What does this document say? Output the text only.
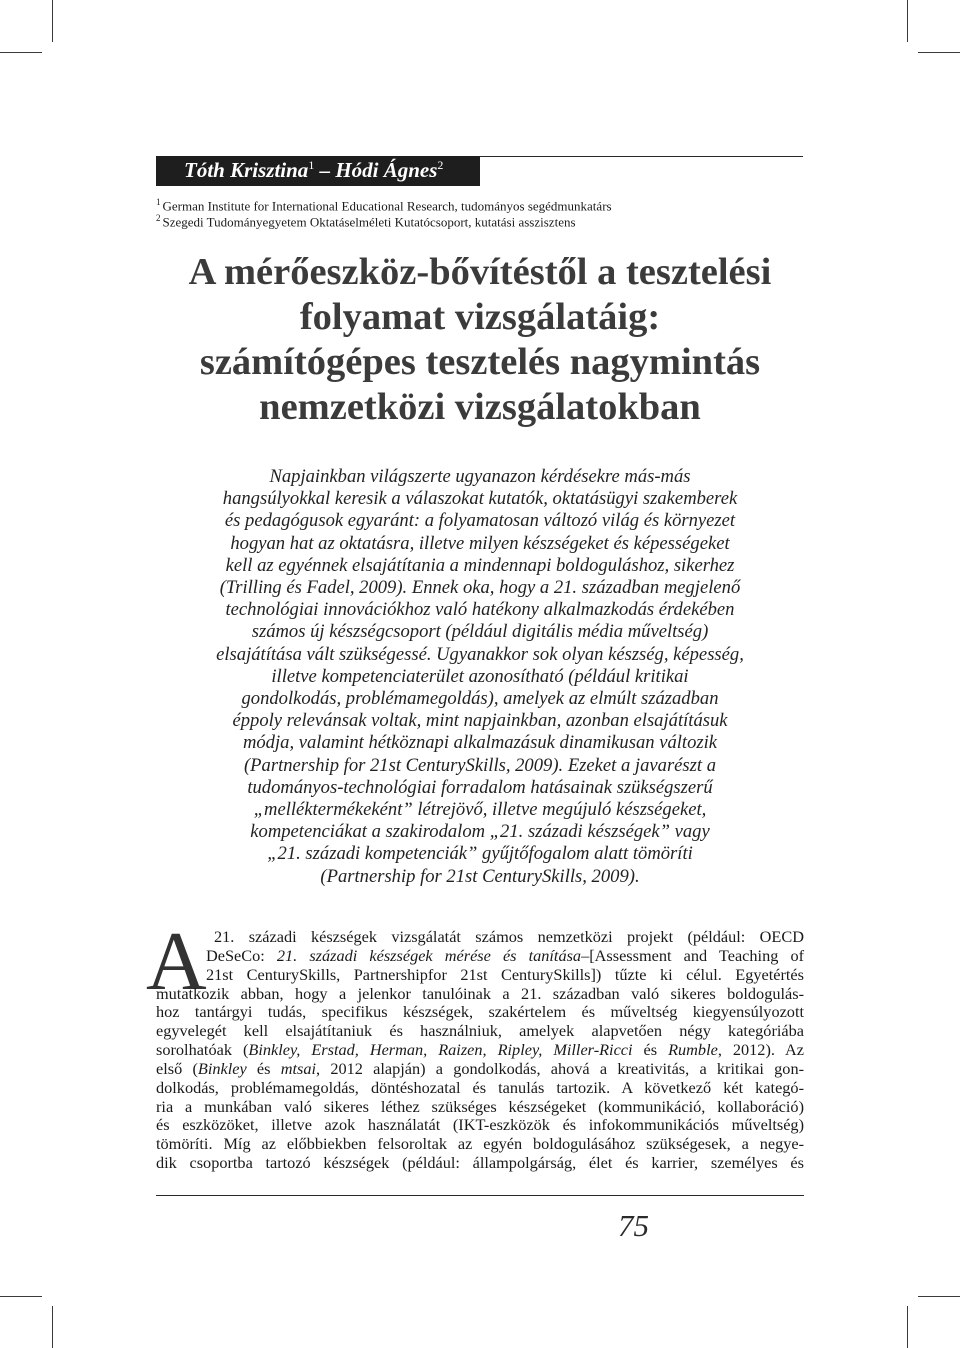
Tóth Krisztina$^1$ – Hódi Ágnes$^2$
$^1$ German Institute for International Educational Research, tudományos segédmunkatárs
$^2$ Szegedi Tudományegyetem Oktatáselméleti Kutatócsoport, kutatási asszisztens
A mérőeszköz-bővítéstől a tesztelési
folyamat vizsgálatáig:
számítógépes tesztelés nagymintás
nemzetközi vizsgálatokban
Napjainkban világszerte ugyanazon kérdésekre más-más
hangsúlyokkal keresik a válaszokat kutatók, oktatásügyi szakemberek
és pedagógusok egyaránt: a folyamatosan változó világ és környezet
hogyan hat az oktatásra, illetve milyen készségeket és képességeket
kell az egyénnek elsajátítania a mindennapi boldoguláshoz, sikerhez
(Trilling és Fadel, 2009). Ennek oka, hogy a 21. században megjelenő
technológiai innovációkhoz való hatékony alkalmazkodás érdekében
számos új készségcsoport (például digitális média műveltség)
elsajátítása vált szükségessé. Ugyanakkor sok olyan készség, képesség,
illetve kompetenciaterület azonosítható (például kritikai
gondolkodás, problémamegoldás), amelyek az elmúlt században
éppoly relevánsak voltak, mint napjainkban, azonban elsajátításuk
módja, valamint hétköznapi alkalmazásuk dinamikusan változik
(Partnership for 21st CenturySkills, 2009). Ezeket a javarészt a
tudományos-technológiai forradalom hatásainak szükségszerű
„melléktermékeként” létrejövő, illetve megújuló készségeket,
kompetenciákat a szakirodalom „21. századi készségek” vagy
„21. századi kompetenciák” gyűjtőfogalom alatt tömöríti
(Partnership for 21st CenturySkills, 2009).
A 21. századi készségek vizsgálatát számos nemzetközi projekt (például: OECD
DeSeCo: 21. századi készségek mérése és tanítása–[Assessment and Teaching of
21st CenturySkills, Partnershipfor 21st CenturySkills]) tűzte ki célul. Egyetértés
mutatkozik abban, hogy a jelenkor tanulóinak a 21. században való sikeres boldogulás-
hoz tantárgyi tudás, specifikus készségek, szakértelem és műveltség kiegyensúlyozott
egyvelegét kell elsajátítaniuk és használniuk, amelyek alapvetően négy kategóriába
sorolhatóak (Binkley, Erstad, Herman, Raizen, Ripley, Miller-Ricci és Rumble, 2012). Az
első (Binkley és mtsai, 2012 alapján) a gondolkodás, ahová a kreativitás, a kritikai gon-
dolkodás, problémamegoldás, döntéshozatal és tanulás tartozik. A következő két kategó-
ria a munkában való sikeres léthez szükséges készségeket (kommunikáció, kollaboráció)
és eszközöket, illetve azok használatát (IKT-eszközök és infokommunikációs műveltség)
tömöríti. Míg az előbbiekben felsoroltak az egyén boldogulásához szükségesek, a negye-
dik csoportba tartozó készségek (például: állampolgárság, élet és karrier, személyes és
75
